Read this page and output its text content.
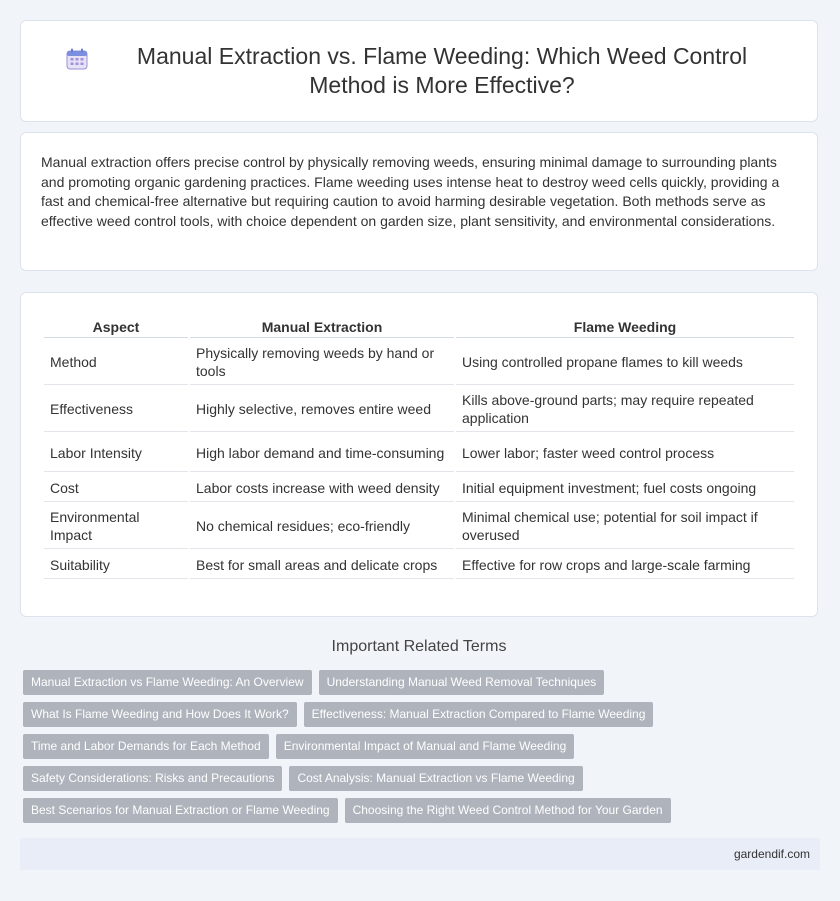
Manual Extraction vs. Flame Weeding: Which Weed Control Method is More Effective?

Manual extraction offers precise control by physically removing weeds, ensuring minimal damage to surrounding plants and promoting organic gardening practices. Flame weeding uses intense heat to destroy weed cells quickly, providing a fast and chemical-free alternative but requiring caution to avoid harming desirable vegetation. Both methods serve as effective weed control tools, with choice dependent on garden size, plant sensitivity, and environmental considerations.

Aspect	Manual Extraction	Flame Weeding
Method	Physically removing weeds by hand or tools	Using controlled propane flames to kill weeds
Effectiveness	Highly selective, removes entire weed	Kills above-ground parts; may require repeated application
Labor Intensity	High labor demand and time-consuming	Lower labor; faster weed control process
Cost	Labor costs increase with weed density	Initial equipment investment; fuel costs ongoing
Environmental Impact	No chemical residues; eco-friendly	Minimal chemical use; potential for soil impact if overused
Suitability	Best for small areas and delicate crops	Effective for row crops and large-scale farming
Important Related Terms
Manual Extraction vs Flame Weeding: An Overview Understanding Manual Weed Removal Techniques
What Is Flame Weeding and How Does It Work? Effectiveness: Manual Extraction Compared to Flame Weeding
Time and Labor Demands for Each Method Environmental Impact of Manual and Flame Weeding
Safety Considerations: Risks and Precautions Cost Analysis: Manual Extraction vs Flame Weeding
Best Scenarios for Manual Extraction or Flame Weeding Choosing the Right Weed Control Method for Your Garden
gardendif.com
